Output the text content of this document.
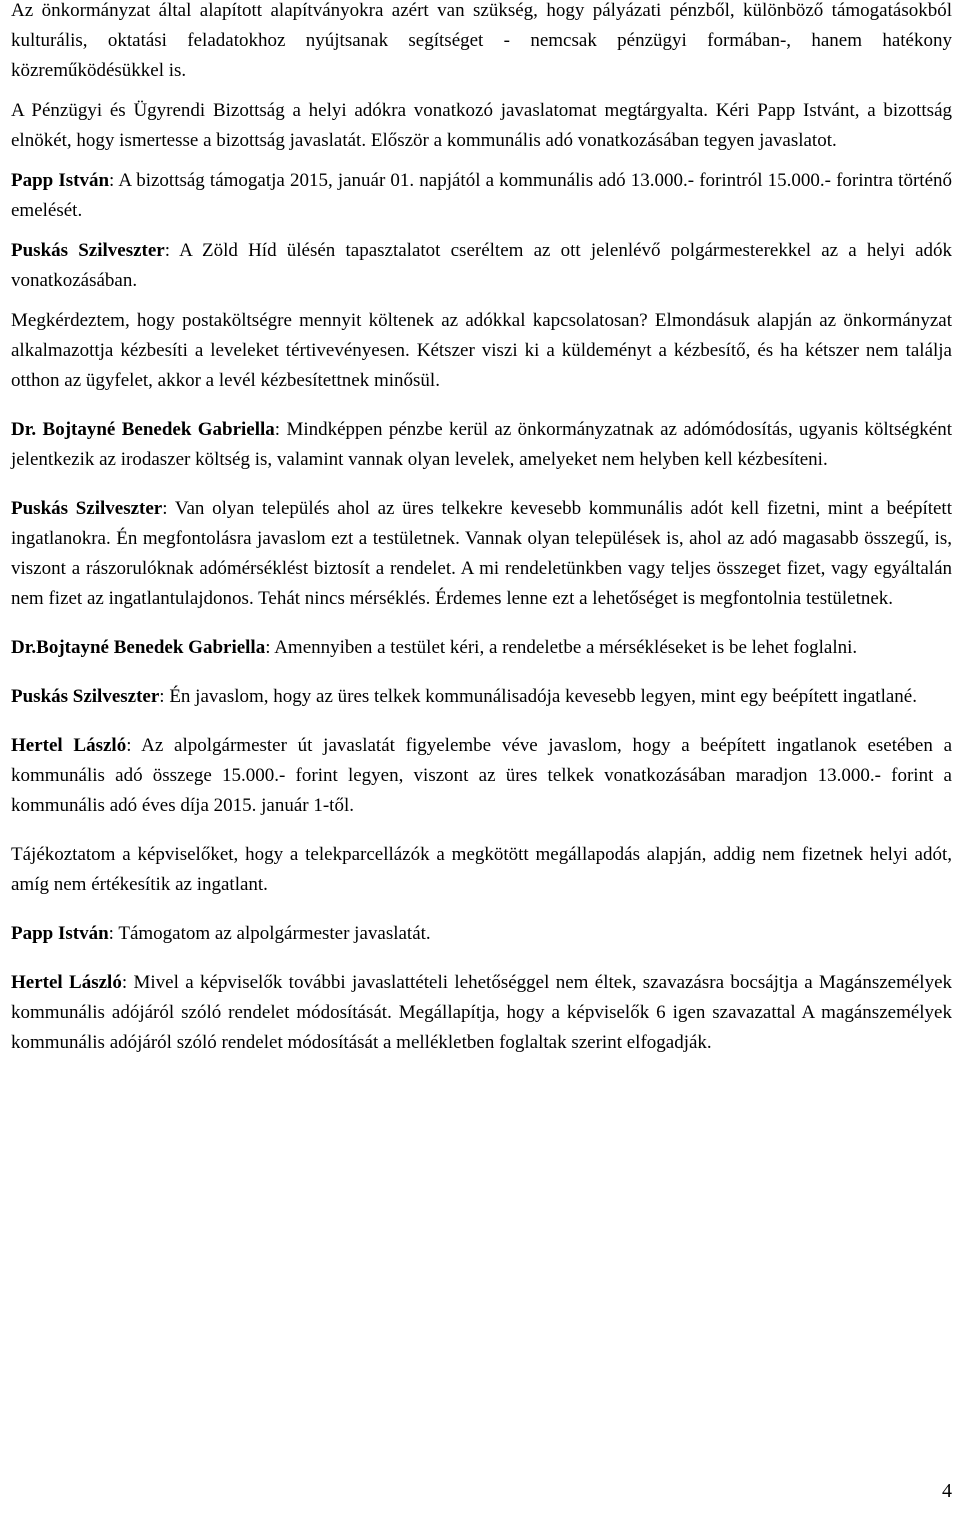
Az önkormányzat által alapított alapítványokra azért van szükség, hogy pályázati pénzből, különböző támogatásokból kulturális, oktatási feladatokhoz nyújtsanak segítséget - nemcsak pénzügyi formában-, hanem hatékony közreműködésükkel is.

A Pénzügyi és Ügyrendi Bizottság a helyi adókra vonatkozó javaslatomat megtárgyalta. Kéri Papp Istvánt, a bizottság elnökét, hogy ismertesse a bizottság javaslatát. Először a kommunális adó vonatkozásában tegyen javaslatot.

Papp István: A bizottság támogatja 2015, január 01. napjától a kommunális adó 13.000.- forintról 15.000.- forintra történő emelését.

Puskás Szilveszter: A Zöld Híd ülésén tapasztalatot cseréltem az ott jelenlévő polgármesterekkel az a helyi adók vonatkozásában.

Megkérdeztem, hogy postaköltségre mennyit költenek az adókkal kapcsolatosan? Elmondásuk alapján az önkormányzat alkalmazottja kézbesíti a leveleket tértivevényesen. Kétszer viszi ki a küldeményt a kézbesítő, és ha kétszer nem találja otthon az ügyfelet, akkor a levél kézbesítettnek minősül.

Dr. Bojtayné Benedek Gabriella: Mindképpen pénzbe kerül az önkormányzatnak az adómódosítás, ugyanis költségként jelentkezik az irodaszer költség is, valamint vannak olyan levelek, amelyeket nem helyben kell kézbesíteni.

Puskás Szilveszter: Van olyan település ahol az üres telkekre kevesebb kommunális adót kell fizetni, mint a beépített ingatlanokra. Én megfontolásra javaslom ezt a testületnek. Vannak olyan települések is, ahol az adó magasabb összegű, is, viszont a rászorulóknak adómérséklést biztosít a rendelet. A mi rendeletünkben vagy teljes összeget fizet, vagy egyáltalán nem fizet az ingatlantulajdonos. Tehát nincs mérséklés. Érdemes lenne ezt a lehetőséget is megfontolnia testületnek.

Dr.Bojtayné Benedek Gabriella: Amennyiben a testület kéri, a rendeletbe a mérsékléseket is be lehet foglalni.

Puskás Szilveszter: Én javaslom, hogy az üres telkek kommunálisadója kevesebb legyen, mint egy beépített ingatlané.

Hertel László: Az alpolgármester út javaslatát figyelembe véve javaslom, hogy a beépített ingatlanok esetében a kommunális adó összege 15.000.- forint legyen, viszont az üres telkek vonatkozásában maradjon 13.000.- forint a kommunális adó éves díja 2015. január 1-től.

Tájékoztatom a képviselőket, hogy a telekparcellázók a megkötött megállapodás alapján, addig nem fizetnek helyi adót, amíg nem értékesítik az ingatlant.

Papp István: Támogatom az alpolgármester javaslatát.

Hertel László: Mivel a képviselők további javaslattételi lehetőséggel nem éltek, szavazásra bocsájtja a Magánszemélyek kommunális adójáról szóló rendelet módosítását. Megállapítja, hogy a képviselők 6 igen szavazattal A magánszemélyek kommunális adójáról szóló rendelet módosítását a mellékletben foglaltak szerint elfogadják.

4
